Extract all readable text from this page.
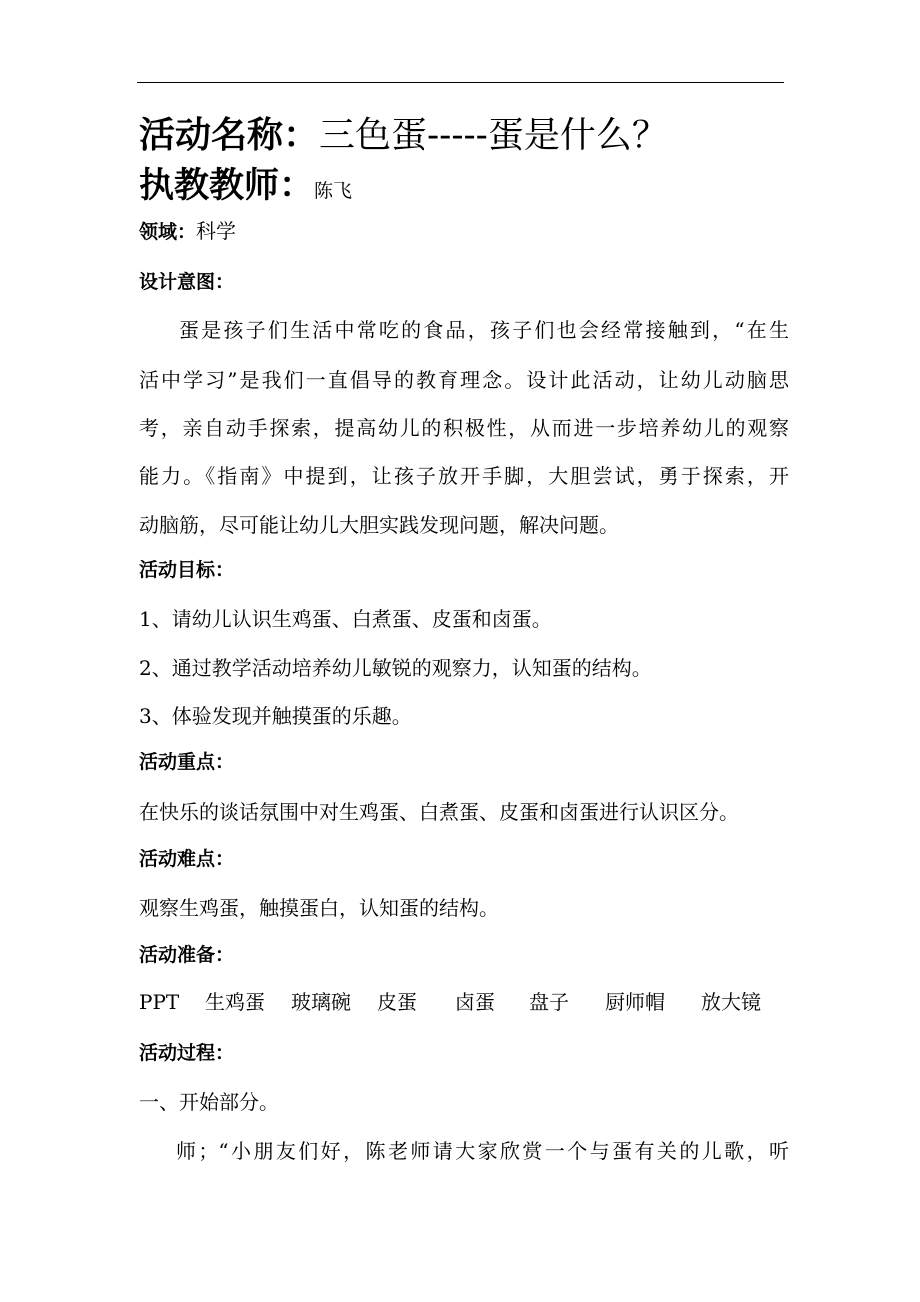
活动名称：三色蛋-----蛋是什么？
执教教师：陈飞
领域：科学
设计意图：
蛋是孩子们生活中常吃的食品，孩子们也会经常接触到，“在生
活中学习”是我们一直倡导的教育理念。设计此活动，让幼儿动脑思
考，亲自动手探索，提高幼儿的积极性，从而进一步培养幼儿的观察
能力。《指南》中提到，让孩子放开手脚，大胆尝试，勇于探索，开
动脑筋，尽可能让幼儿大胆实践发现问题，解决问题。
活动目标：
1、请幼儿认识生鸡蛋、白煮蛋、皮蛋和卤蛋。
2、通过教学活动培养幼儿敏锐的观察力，认知蛋的结构。
3、体验发现并触摸蛋的乐趣。
活动重点：
在快乐的谈话氛围中对生鸡蛋、白煮蛋、皮蛋和卤蛋进行认识区分。
活动难点：
观察生鸡蛋，触摸蛋白，认知蛋的结构。
活动准备：
PPT 生鸡蛋 玻璃碗 皮蛋 卤蛋 盘子 厨师帽 放大镜
活动过程：
一、开始部分。
师；“小朋友们好，陈老师请大家欣赏一个与蛋有关的儿歌，听
